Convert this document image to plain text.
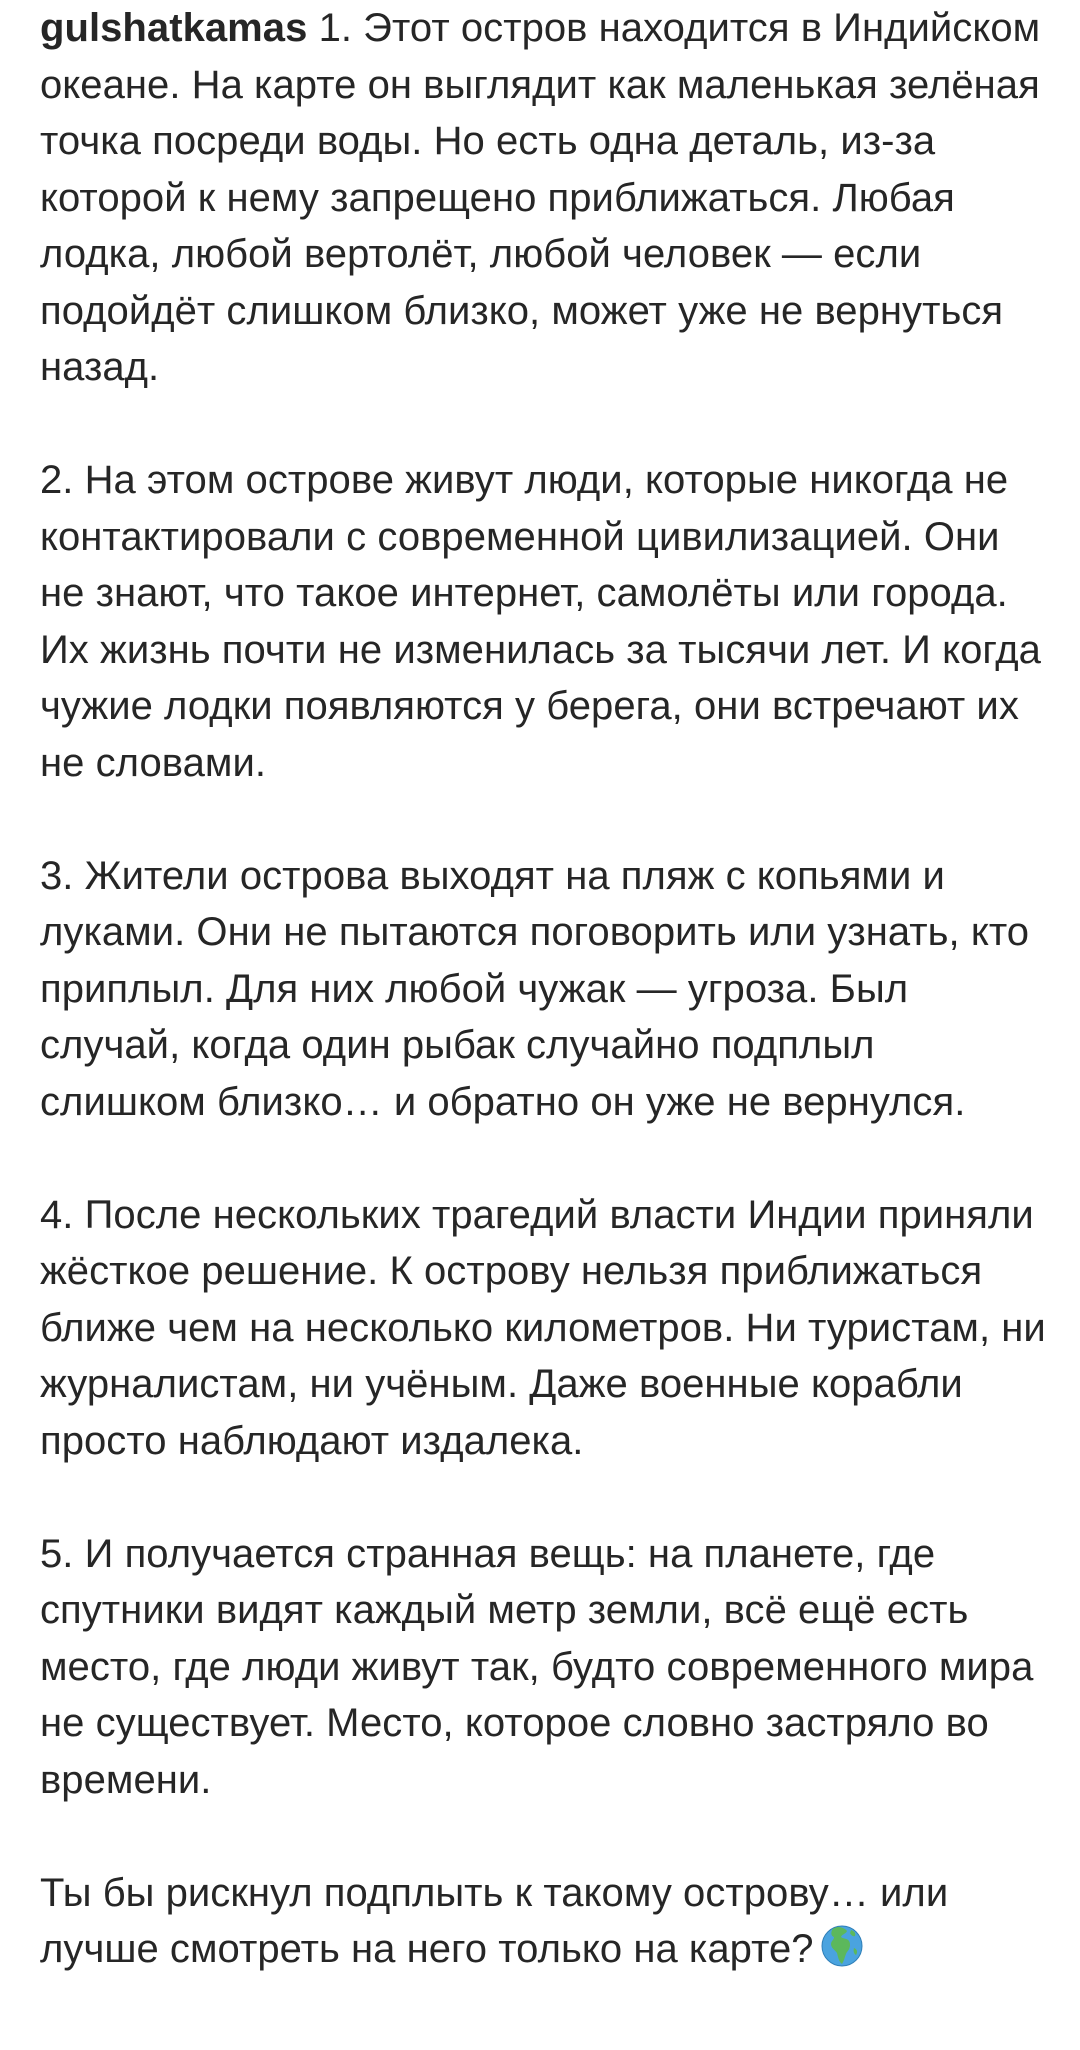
gulshatkamas 1. Этот остров находится в Индийском океане. На карте он выглядит как маленькая зелёная точка посреди воды. Но есть одна деталь, из-за которой к нему запрещено приближаться. Любая лодка, любой вертолёт, любой человек — если подойдёт слишком близко, может уже не вернуться назад.

2. На этом острове живут люди, которые никогда не контактировали с современной цивилизацией. Они не знают, что такое интернет, самолёты или города. Их жизнь почти не изменилась за тысячи лет. И когда чужие лодки появляются у берега, они встречают их не словами.

3. Жители острова выходят на пляж с копьями и луками. Они не пытаются поговорить или узнать, кто приплыл. Для них любой чужак — угроза. Был случай, когда один рыбак случайно подплыл слишком близко… и обратно он уже не вернулся.

4. После нескольких трагедий власти Индии приняли жёсткое решение. К острову нельзя приближаться ближе чем на несколько километров. Ни туристам, ни журналистам, ни учёным. Даже военные корабли просто наблюдают издалека.

5. И получается странная вещь: на планете, где спутники видят каждый метр земли, всё ещё есть место, где люди живут так, будто современного мира не существует. Место, которое словно застряло во времени.

Ты бы рискнул подплыть к такому острову… или лучше смотреть на него только на карте?
